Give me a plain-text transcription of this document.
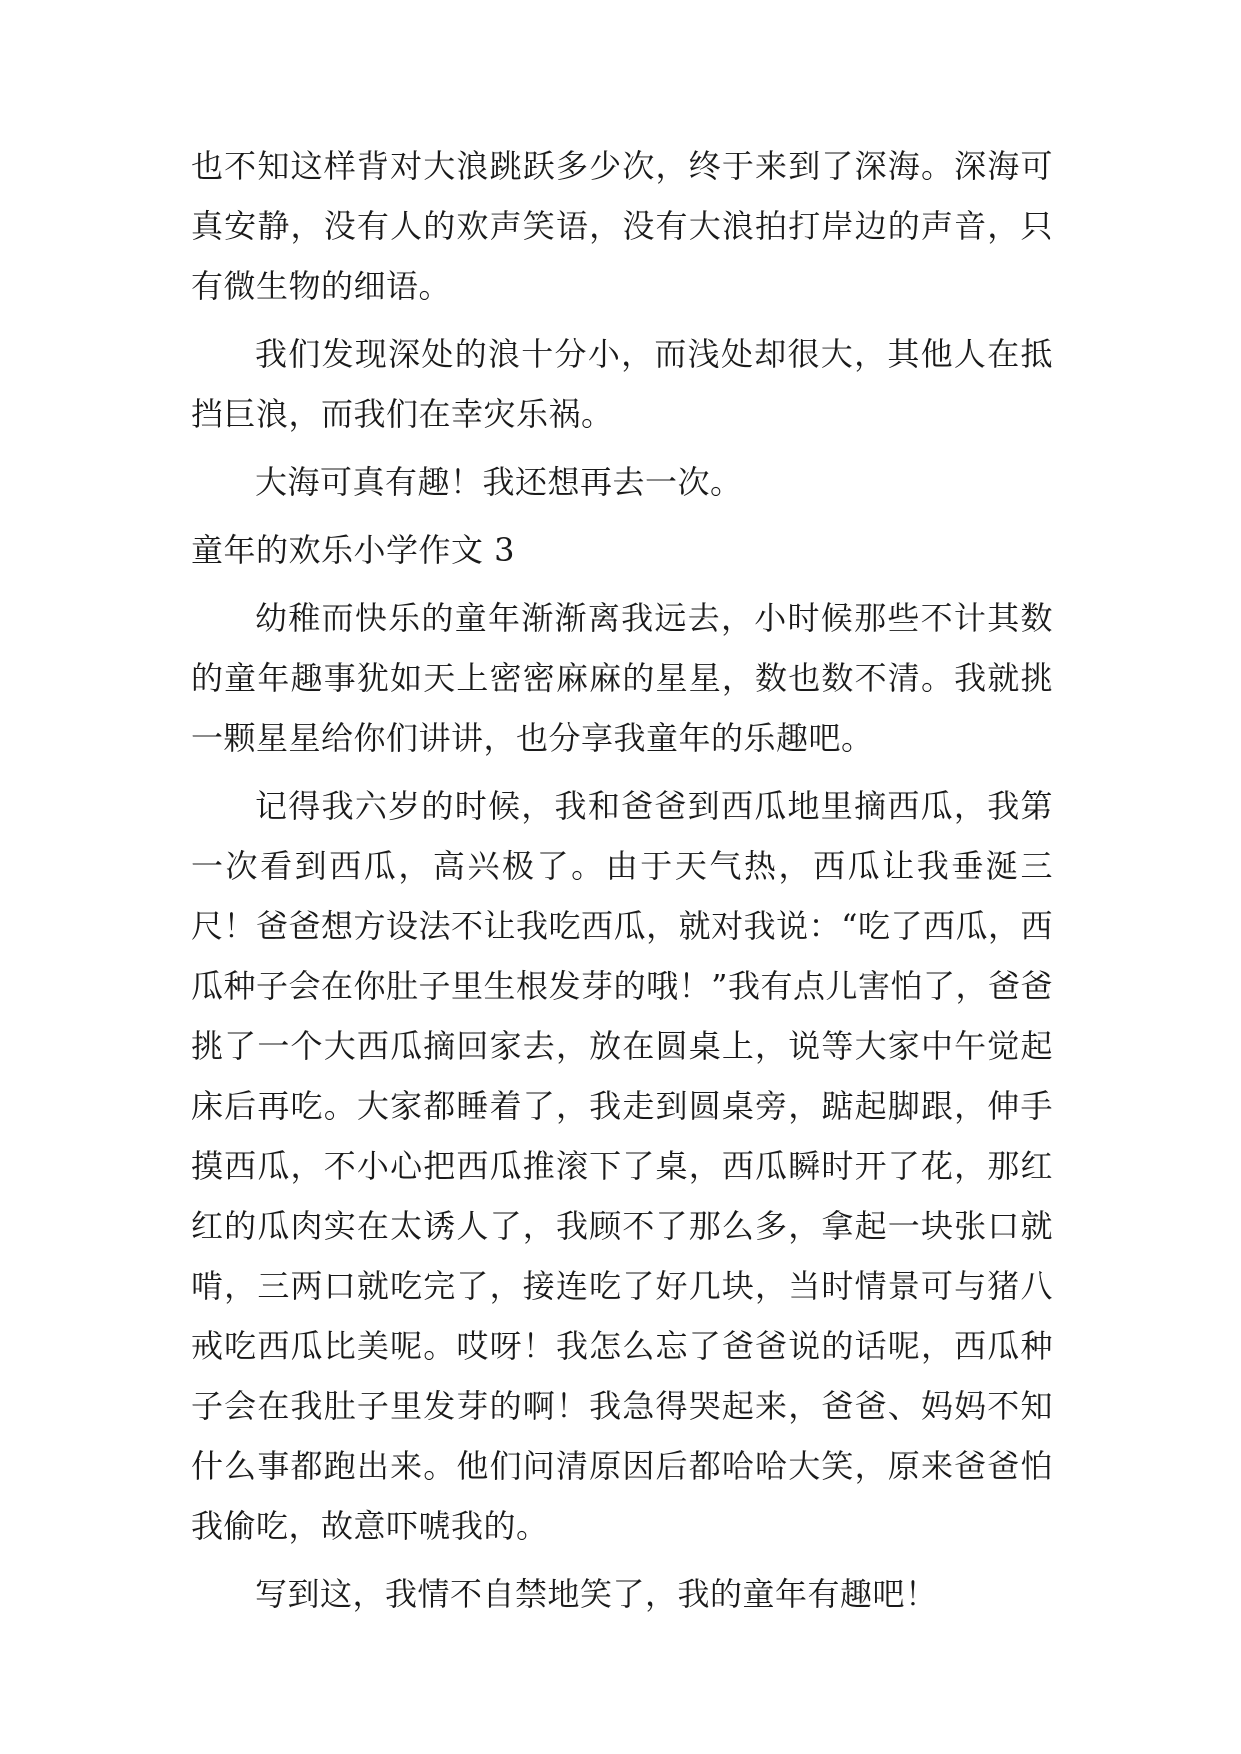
也不知这样背对大浪跳跃多少次，终于来到了深海。深海可真安静，没有人的欢声笑语，没有大浪拍打岸边的声音，只有微生物的细语。

我们发现深处的浪十分小，而浅处却很大，其他人在抵挡巨浪，而我们在幸灾乐祸。

大海可真有趣！我还想再去一次。

童年的欢乐小学作文 3

幼稚而快乐的童年渐渐离我远去，小时候那些不计其数的童年趣事犹如天上密密麻麻的星星，数也数不清。我就挑一颗星星给你们讲讲，也分享我童年的乐趣吧。

记得我六岁的时候，我和爸爸到西瓜地里摘西瓜，我第一次看到西瓜，高兴极了。由于天气热，西瓜让我垂涎三尺！爸爸想方设法不让我吃西瓜，就对我说：“吃了西瓜，西瓜种子会在你肚子里生根发芽的哦！”我有点儿害怕了，爸爸挑了一个大西瓜摘回家去，放在圆桌上，说等大家中午觉起床后再吃。大家都睡着了，我走到圆桌旁，踮起脚跟，伸手摸西瓜，不小心把西瓜推滚下了桌，西瓜瞬时开了花，那红红的瓜肉实在太诱人了，我顾不了那么多，拿起一块张口就啃，三两口就吃完了，接连吃了好几块，当时情景可与猪八戒吃西瓜比美呢。哎呀！我怎么忘了爸爸说的话呢，西瓜种子会在我肚子里发芽的啊！我急得哭起来，爸爸、妈妈不知什么事都跑出来。他们问清原因后都哈哈大笑，原来爸爸怕我偷吃，故意吓唬我的。

写到这，我情不自禁地笑了，我的童年有趣吧！
